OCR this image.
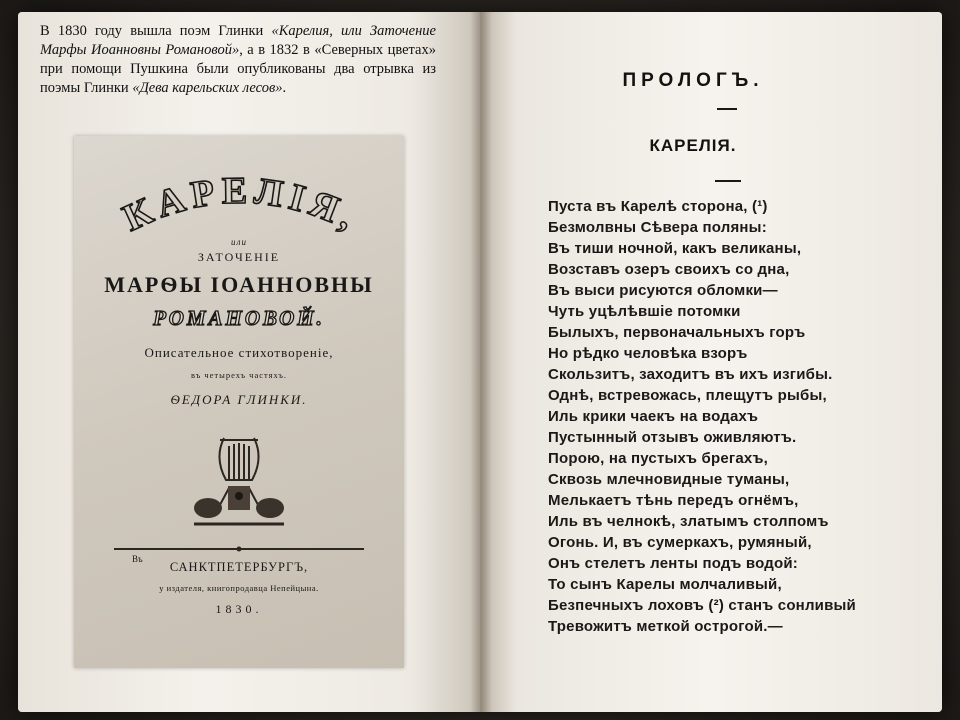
В 1830 году вышла поэм Глинки «Карелия, или Заточение Марфы Иоанновны Романовой», а в 1832 в «Северных цветах» при помощи Пушкина были опубликованы два отрывка из поэмы Глинки «Дева карельских лесов».
КАРЕЛІЯ,
или
ЗАТОЧЕНІЕ
МАРѲЫ ІОАННОВНЫ
РОМАНОВОЙ.
Описательное стихотвореніе,
въ четырехъ частяхъ.
ѲЕДОРА ГЛИНКИ.
Въ
САНКТПЕТЕРБУРГЪ,
у издателя, книгопродавца Непейцына.
1830.
ПРОЛОГЪ.
КАРЕЛІЯ.
Пуста въ Карелѣ сторона, (¹)
Безмолвны Сѣвера поляны:
Въ тиши ночной, какъ великаны,
Возставъ озеръ своихъ со дна,
Въ выси рисуются обломки—
Чуть уцѣлѣвшіе потомки
Былыхъ, первоначальныхъ горъ
Но рѣдко человѣка взоръ
Скользитъ, заходитъ въ ихъ изгибы.
Однѣ, встревожась, плещутъ рыбы,
Иль крики чаекъ на водахъ
Пустынный отзывъ оживляютъ.
Порою, на пустыхъ брегахъ,
Сквозь млечновидные туманы,
Мелькаетъ тѣнь передъ огнёмъ,
Иль въ челнокѣ, златымъ столпомъ
Огонь. И, въ сумеркахъ, румяный,
Онъ стелетъ ленты подъ водой:
То сынъ Карелы молчаливый,
Безпечныхъ лоховъ (²) станъ сонливый
Тревожитъ меткой острогой.—
